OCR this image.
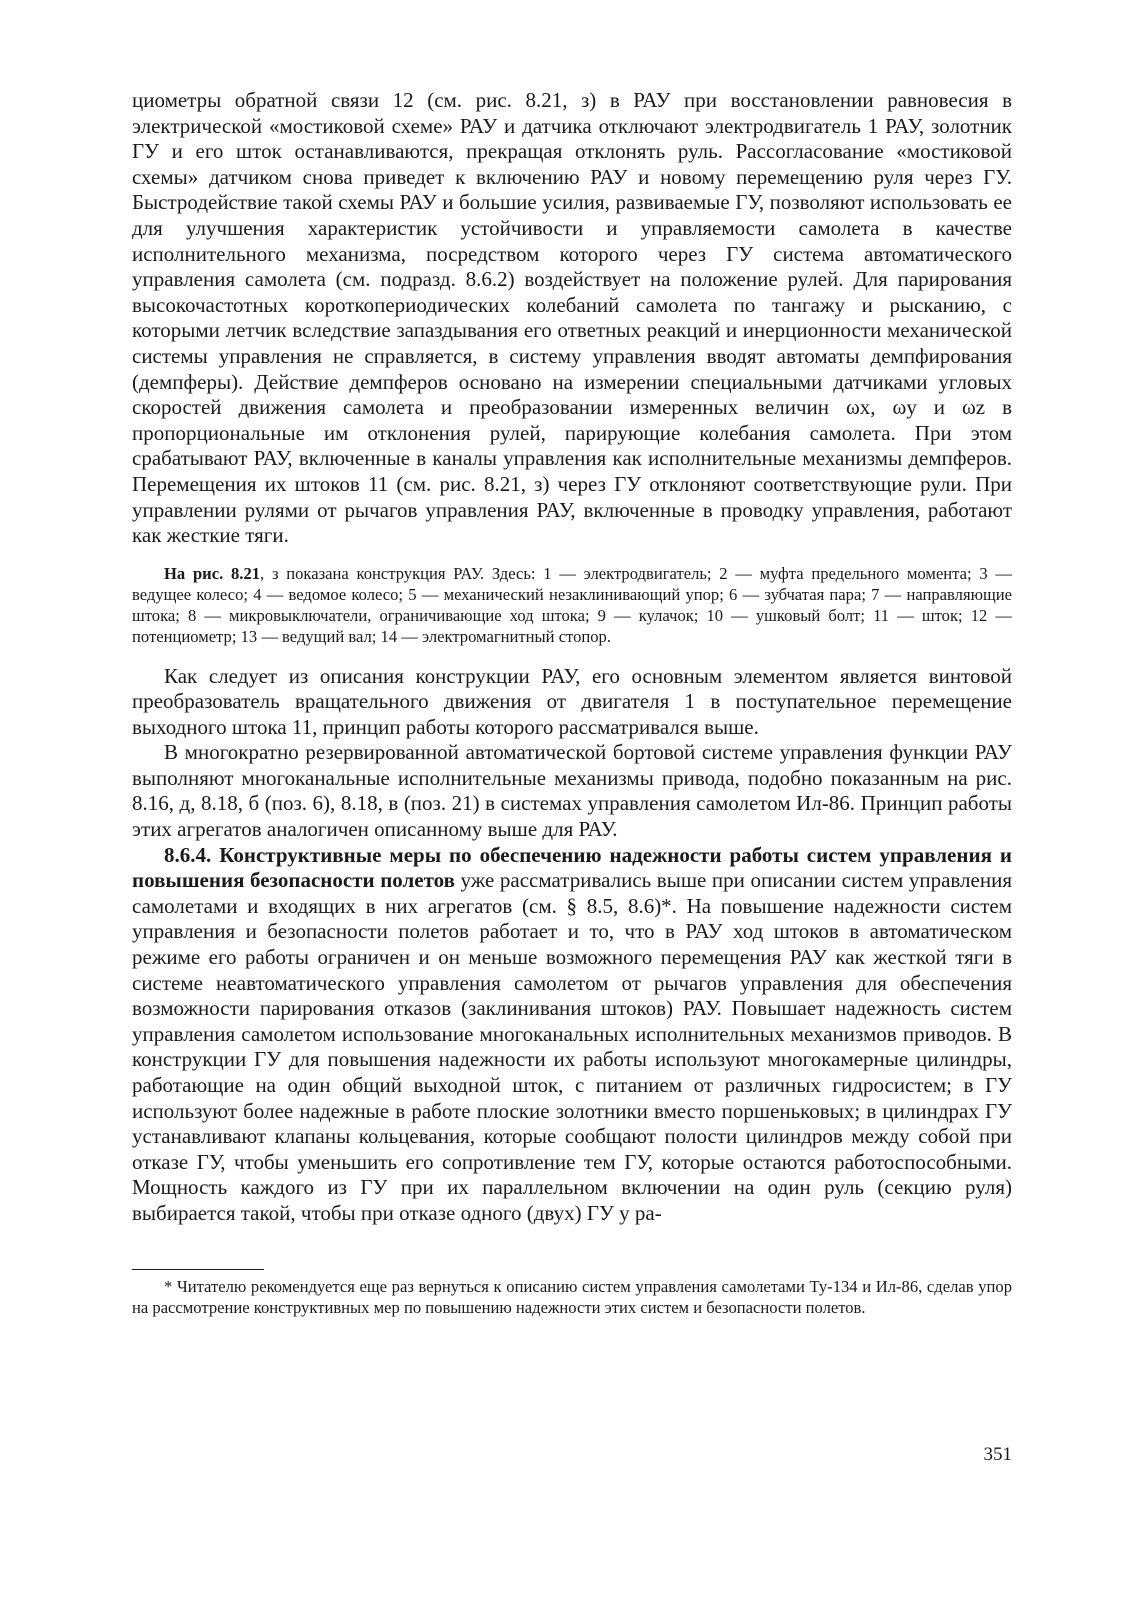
циометры обратной связи 12 (см. рис. 8.21, з) в РАУ при восстановлении равновесия в электрической «мостиковой схеме» РАУ и датчика отключают электродвигатель 1 РАУ, золотник ГУ и его шток останавливаются, прекращая отклонять руль. Рассогласование «мостиковой схемы» датчиком снова приведет к включению РАУ и новому перемещению руля через ГУ. Быстродействие такой схемы РАУ и большие усилия, развиваемые ГУ, позволяют использовать ее для улучшения характеристик устойчивости и управляемости самолета в качестве исполнительного механизма, посредством которого через ГУ система автоматического управления самолета (см. подразд. 8.6.2) воздействует на положение рулей. Для парирования высокочастотных короткопериодических колебаний самолета по тангажу и рысканию, с которыми летчик вследствие запаздывания его ответных реакций и инерционности механической системы управления не справляется, в систему управления вводят автоматы демпфирования (демпферы). Действие демпферов основано на измерении специальными датчиками угловых скоростей движения самолета и преобразовании измеренных величин ωx, ωy и ωz в пропорциональные им отклонения рулей, парирующие колебания самолета. При этом срабатывают РАУ, включенные в каналы управления как исполнительные механизмы демпферов. Перемещения их штоков 11 (см. рис. 8.21, з) через ГУ отклоняют соответствующие рули. При управлении рулями от рычагов управления РАУ, включенные в проводку управления, работают как жесткие тяги.

На рис. 8.21, з показана конструкция РАУ. Здесь: 1 — электродвигатель; 2 — муфта предельного момента; 3 — ведущее колесо; 4 — ведомое колесо; 5 — механический незаклинивающий упор; 6 — зубчатая пара; 7 — направляющие штока; 8 — микровыключатели, ограничивающие ход штока; 9 — кулачок; 10 — ушковый болт; 11 — шток; 12 — потенциометр; 13 — ведущий вал; 14 — электромагнитный стопор.

Как следует из описания конструкции РАУ, его основным элементом является винтовой преобразователь вращательного движения от двигателя 1 в поступательное перемещение выходного штока 11, принцип работы которого рассматривался выше.

В многократно резервированной автоматической бортовой системе управления функции РАУ выполняют многоканальные исполнительные механизмы привода, подобно показанным на рис. 8.16, д, 8.18, б (поз. 6), 8.18, в (поз. 21) в системах управления самолетом Ил-86. Принцип работы этих агрегатов аналогичен описанному выше для РАУ.

8.6.4. Конструктивные меры по обеспечению надежности работы систем управления и повышения безопасности полетов уже рассматривались выше при описании систем управления самолетами и входящих в них агрегатов (см. § 8.5, 8.6)*. На повышение надежности систем управления и безопасности полетов работает и то, что в РАУ ход штоков в автоматическом режиме его работы ограничен и он меньше возможного перемещения РАУ как жесткой тяги в системе неавтоматического управления самолетом от рычагов управления для обеспечения возможности парирования отказов (заклинивания штоков) РАУ. Повышает надежность систем управления самолетом использование многоканальных исполнительных механизмов приводов. В конструкции ГУ для повышения надежности их работы используют многокамерные цилиндры, работающие на один общий выходной шток, с питанием от различных гидросистем; в ГУ используют более надежные в работе плоские золотники вместо поршеньковых; в цилиндрах ГУ устанавливают клапаны кольцевания, которые сообщают полости цилиндров между собой при отказе ГУ, чтобы уменьшить его сопротивление тем ГУ, которые остаются работоспособными. Мощность каждого из ГУ при их параллельном включении на один руль (секцию руля) выбирается такой, чтобы при отказе одного (двух) ГУ у ра-

* Читателю рекомендуется еще раз вернуться к описанию систем управления самолетами Ту-134 и Ил-86, сделав упор на рассмотрение конструктивных мер по повышению надежности этих систем и безопасности полетов.

351
